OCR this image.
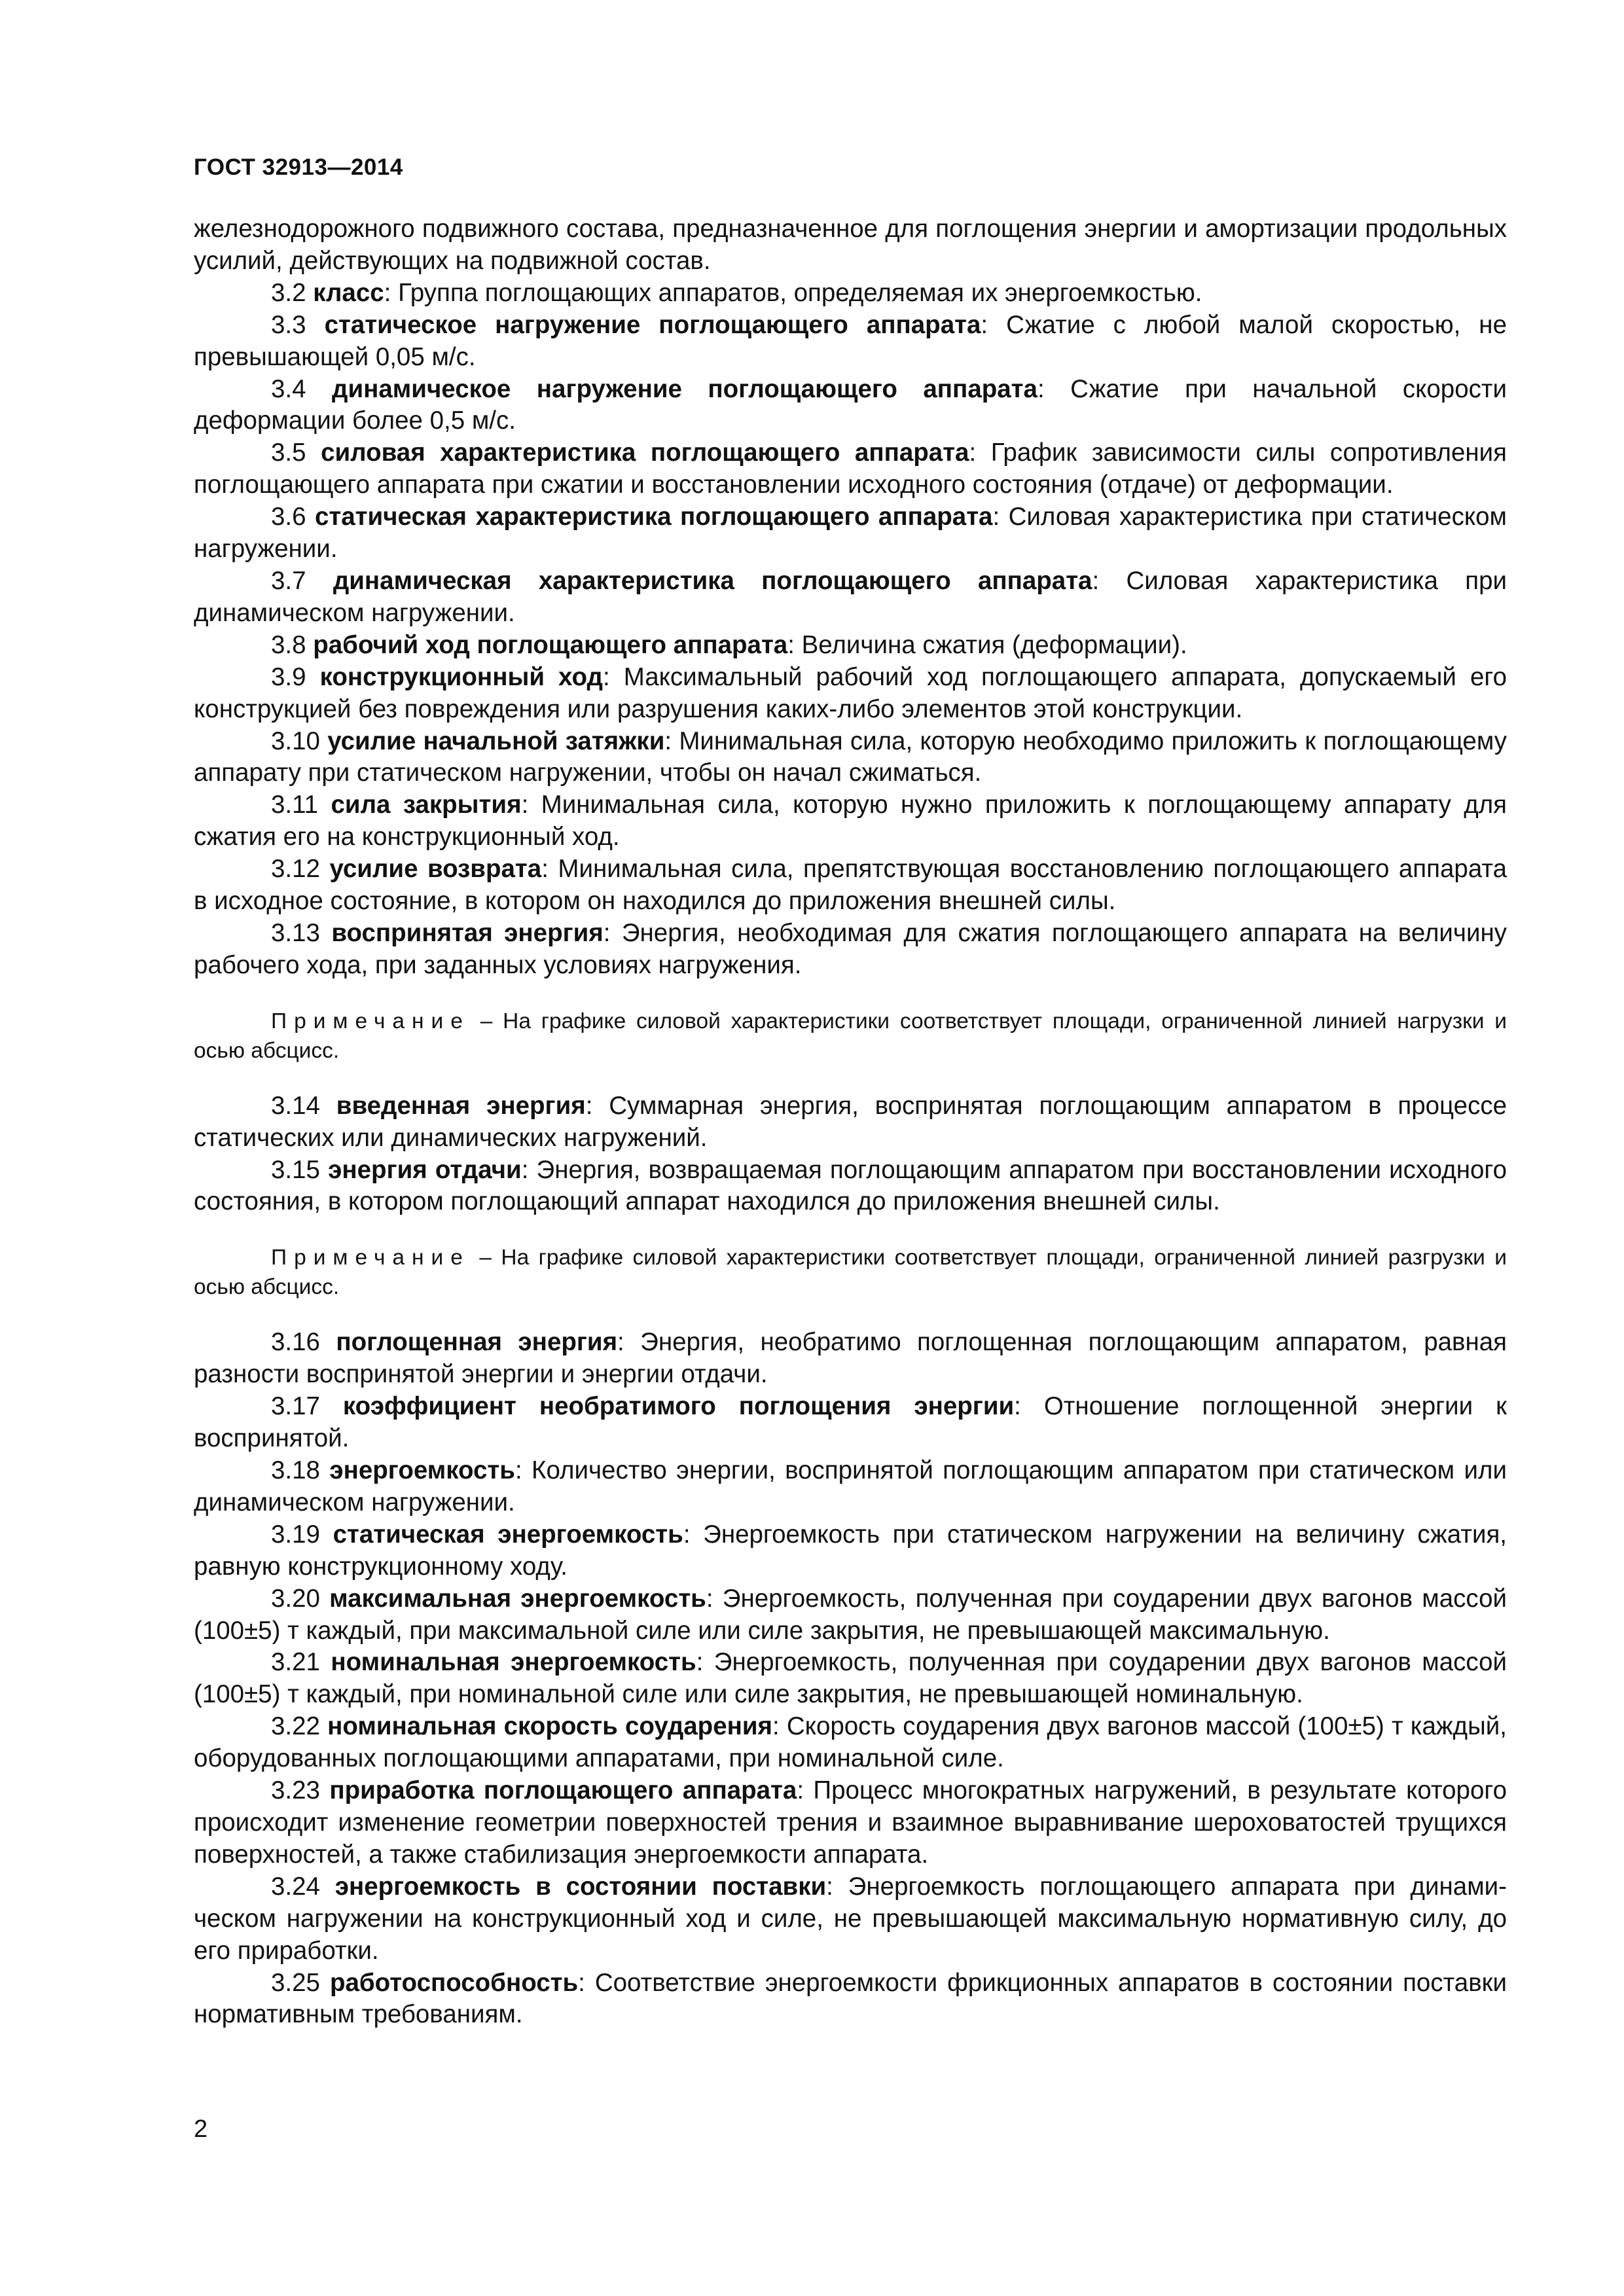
ГОСТ 32913—2014

железнодорожного подвижного состава, предназначенное для поглощения энергии и амортизации продольных усилий, действующих на подвижной состав.

3.2 класс: Группа поглощающих аппаратов, определяемая их энергоемкостью.

3.3 статическое нагружение поглощающего аппарата: Сжатие с любой малой скоростью, не превышающей 0,05 м/с.

3.4 динамическое нагружение поглощающего аппарата: Сжатие при начальной скорости деформации более 0,5 м/с.

3.5 силовая характеристика поглощающего аппарата: График зависимости силы сопротивления поглощающего аппарата при сжатии и восстановлении исходного состояния (отдаче) от деформации.

3.6 статическая характеристика поглощающего аппарата: Силовая характеристика при статическом нагружении.

3.7 динамическая характеристика поглощающего аппарата: Силовая характеристика при динамическом нагружении.

3.8 рабочий ход поглощающего аппарата: Величина сжатия (деформации).

3.9 конструкционный ход: Максимальный рабочий ход поглощающего аппарата, допускаемый его конструкцией без повреждения или разрушения каких-либо элементов этой конструкции.

3.10 усилие начальной затяжки: Минимальная сила, которую необходимо приложить к поглощающему аппарату при статическом нагружении, чтобы он начал сжиматься.

3.11 сила закрытия: Минимальная сила, которую нужно приложить к поглощающему аппарату для сжатия его на конструкционный ход.

3.12 усилие возврата: Минимальная сила, препятствующая восстановлению поглощающего аппарата в исходное состояние, в котором он находился до приложения внешней силы.

3.13 воспринятая энергия: Энергия, необходимая для сжатия поглощающего аппарата на величину рабочего хода, при заданных условиях нагружения.

Примечание – На графике силовой характеристики соответствует площади, ограниченной линией нагрузки и осью абсцисс.

3.14 введенная энергия: Суммарная энергия, воспринятая поглощающим аппаратом в процессе статических или динамических нагружений.

3.15 энергия отдачи: Энергия, возвращаемая поглощающим аппаратом при восстановлении исходного состояния, в котором поглощающий аппарат находился до приложения внешней силы.

Примечание – На графике силовой характеристики соответствует площади, ограниченной линией разгрузки и осью абсцисс.

3.16 поглощенная энергия: Энергия, необратимо поглощенная поглощающим аппаратом, равная разности воспринятой энергии и энергии отдачи.

3.17 коэффициент необратимого поглощения энергии: Отношение поглощенной энергии к воспринятой.

3.18 энергоемкость: Количество энергии, воспринятой поглощающим аппаратом при статическом или динамическом нагружении.

3.19 статическая энергоемкость: Энергоемкость при статическом нагружении на величину сжатия, равную конструкционному ходу.

3.20 максимальная энергоемкость: Энергоемкость, полученная при соударении двух вагонов массой (100±5) т каждый, при максимальной силе или силе закрытия, не превышающей максимальную.

3.21 номинальная энергоемкость: Энергоемкость, полученная при соударении двух вагонов массой (100±5) т каждый, при номинальной силе или силе закрытия, не превышающей номинальную.

3.22 номинальная скорость соударения: Скорость соударения двух вагонов массой (100±5) т каждый, оборудованных поглощающими аппаратами, при номинальной силе.

3.23 приработка поглощающего аппарата: Процесс многократных нагружений, в результате которого происходит изменение геометрии поверхностей трения и взаимное выравнивание шероховатостей трущихся поверхностей, а также стабилизация энергоемкости аппарата.

3.24 энергоемкость в состоянии поставки: Энергоемкость поглощающего аппарата при динамическом нагружении на конструкционный ход и силе, не превышающей максимальную нормативную силу, до его приработки.

3.25 работоспособность: Соответствие энергоемкости фрикционных аппаратов в состоянии поставки нормативным требованиям.

2
